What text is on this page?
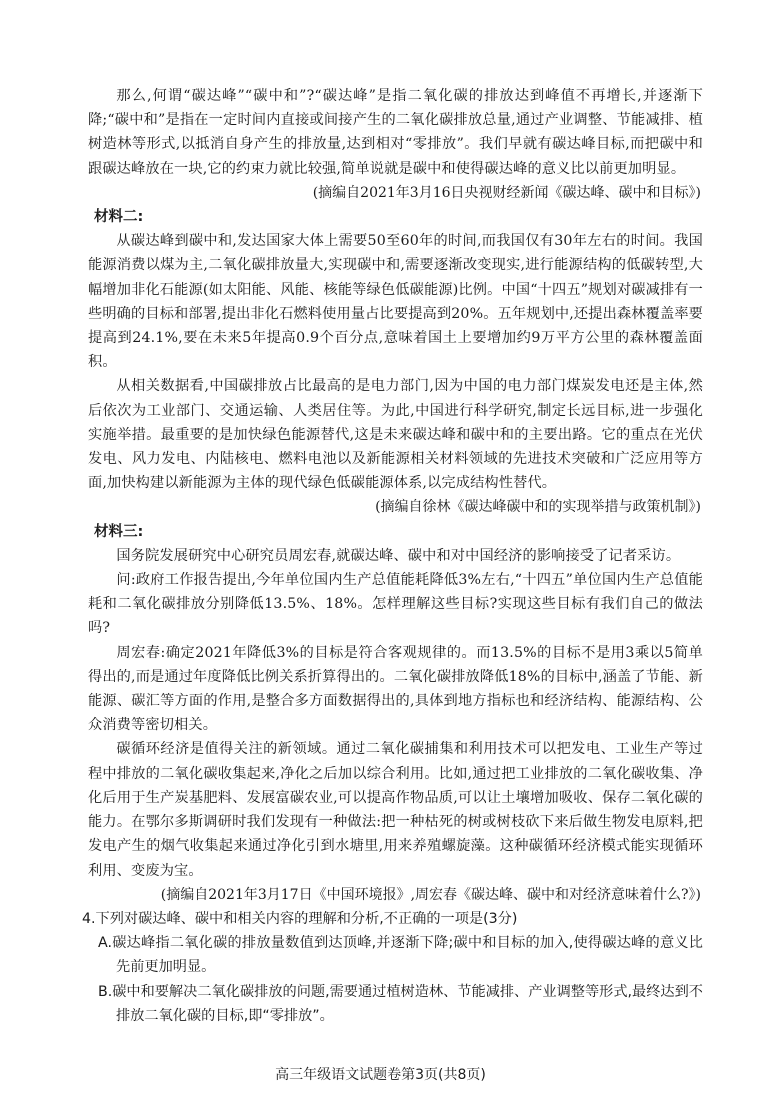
那么,何谓“碳达峰”“碳中和”?“碳达峰”是指二氧化碳的排放达到峰值不再增长,并逐渐下降;“碳中和”是指在一定时间内直接或间接产生的二氧化碳排放总量,通过产业调整、节能减排、植树造林等形式,以抵消自身产生的排放量,达到相对“零排放”。我们早就有碳达峰目标,而把碳中和跟碳达峰放在一块,它的约束力就比较强,简单说就是碳中和使得碳达峰的意义比以前更加明显。

(摘编自2021年3月16日央视财经新闻《碳达峰、碳中和目标》)

材料二:

从碳达峰到碳中和,发达国家大体上需要50至60年的时间,而我国仅有30年左右的时间。我国能源消费以煤为主,二氧化碳排放量大,实现碳中和,需要逐渐改变现实,进行能源结构的低碳转型,大幅增加非化石能源(如太阳能、风能、核能等绿色低碳能源)比例。中国“十四五”规划对碳减排有一些明确的目标和部署,提出非化石燃料使用量占比要提高到20%。五年规划中,还提出森林覆盖率要提高到24.1%,要在未来5年提高0.9个百分点,意味着国土上要增加约9万平方公里的森林覆盖面积。

从相关数据看,中国碳排放占比最高的是电力部门,因为中国的电力部门煤炭发电还是主体,然后依次为工业部门、交通运输、人类居住等。为此,中国进行科学研究,制定长远目标,进一步强化实施举措。最重要的是加快绿色能源替代,这是未来碳达峰和碳中和的主要出路。它的重点在光伏发电、风力发电、内陆核电、燃料电池以及新能源相关材料领域的先进技术突破和广泛应用等方面,加快构建以新能源为主体的现代绿色低碳能源体系,以完成结构性替代。

(摘编自徐林《碳达峰碳中和的实现举措与政策机制》)

材料三:

国务院发展研究中心研究员周宏春,就碳达峰、碳中和对中国经济的影响接受了记者采访。

问:政府工作报告提出,今年单位国内生产总值能耗降低3%左右,“十四五”单位国内生产总值能耗和二氧化碳排放分别降低13.5%、18%。怎样理解这些目标?实现这些目标有我们自己的做法吗?

周宏春:确定2021年降低3%的目标是符合客观规律的。而13.5%的目标不是用3乘以5简单得出的,而是通过年度降低比例关系折算得出的。二氧化碳排放降低18%的目标中,涵盖了节能、新能源、碳汇等方面的作用,是整合多方面数据得出的,具体到地方指标也和经济结构、能源结构、公众消费等密切相关。

碳循环经济是值得关注的新领域。通过二氧化碳捕集和利用技术可以把发电、工业生产等过程中排放的二氧化碳收集起来,净化之后加以综合利用。比如,通过把工业排放的二氧化碳收集、净化后用于生产炭基肥料、发展富碳农业,可以提高作物品质,可以让土壤增加吸收、保存二氧化碳的能力。在鄂尔多斯调研时我们发现有一种做法:把一种枯死的树或树枝砍下来后做生物发电原料,把发电产生的烟气收集起来通过净化引到水塘里,用来养殖螺旋藻。这种碳循环经济模式能实现循环利用、变废为宝。

(摘编自2021年3月17日《中国环境报》,周宏春《碳达峰、碳中和对经济意味着什么?》)

4.下列对碳达峰、碳中和相关内容的理解和分析,不正确的一项是(3分)

A.碳达峰指二氧化碳的排放量数值到达顶峰,并逐渐下降;碳中和目标的加入,使得碳达峰的意义比先前更加明显。

B.碳中和要解决二氧化碳排放的问题,需要通过植树造林、节能减排、产业调整等形式,最终达到不排放二氧化碳的目标,即“零排放”。

高三年级语文试题卷第3页(共8页)
